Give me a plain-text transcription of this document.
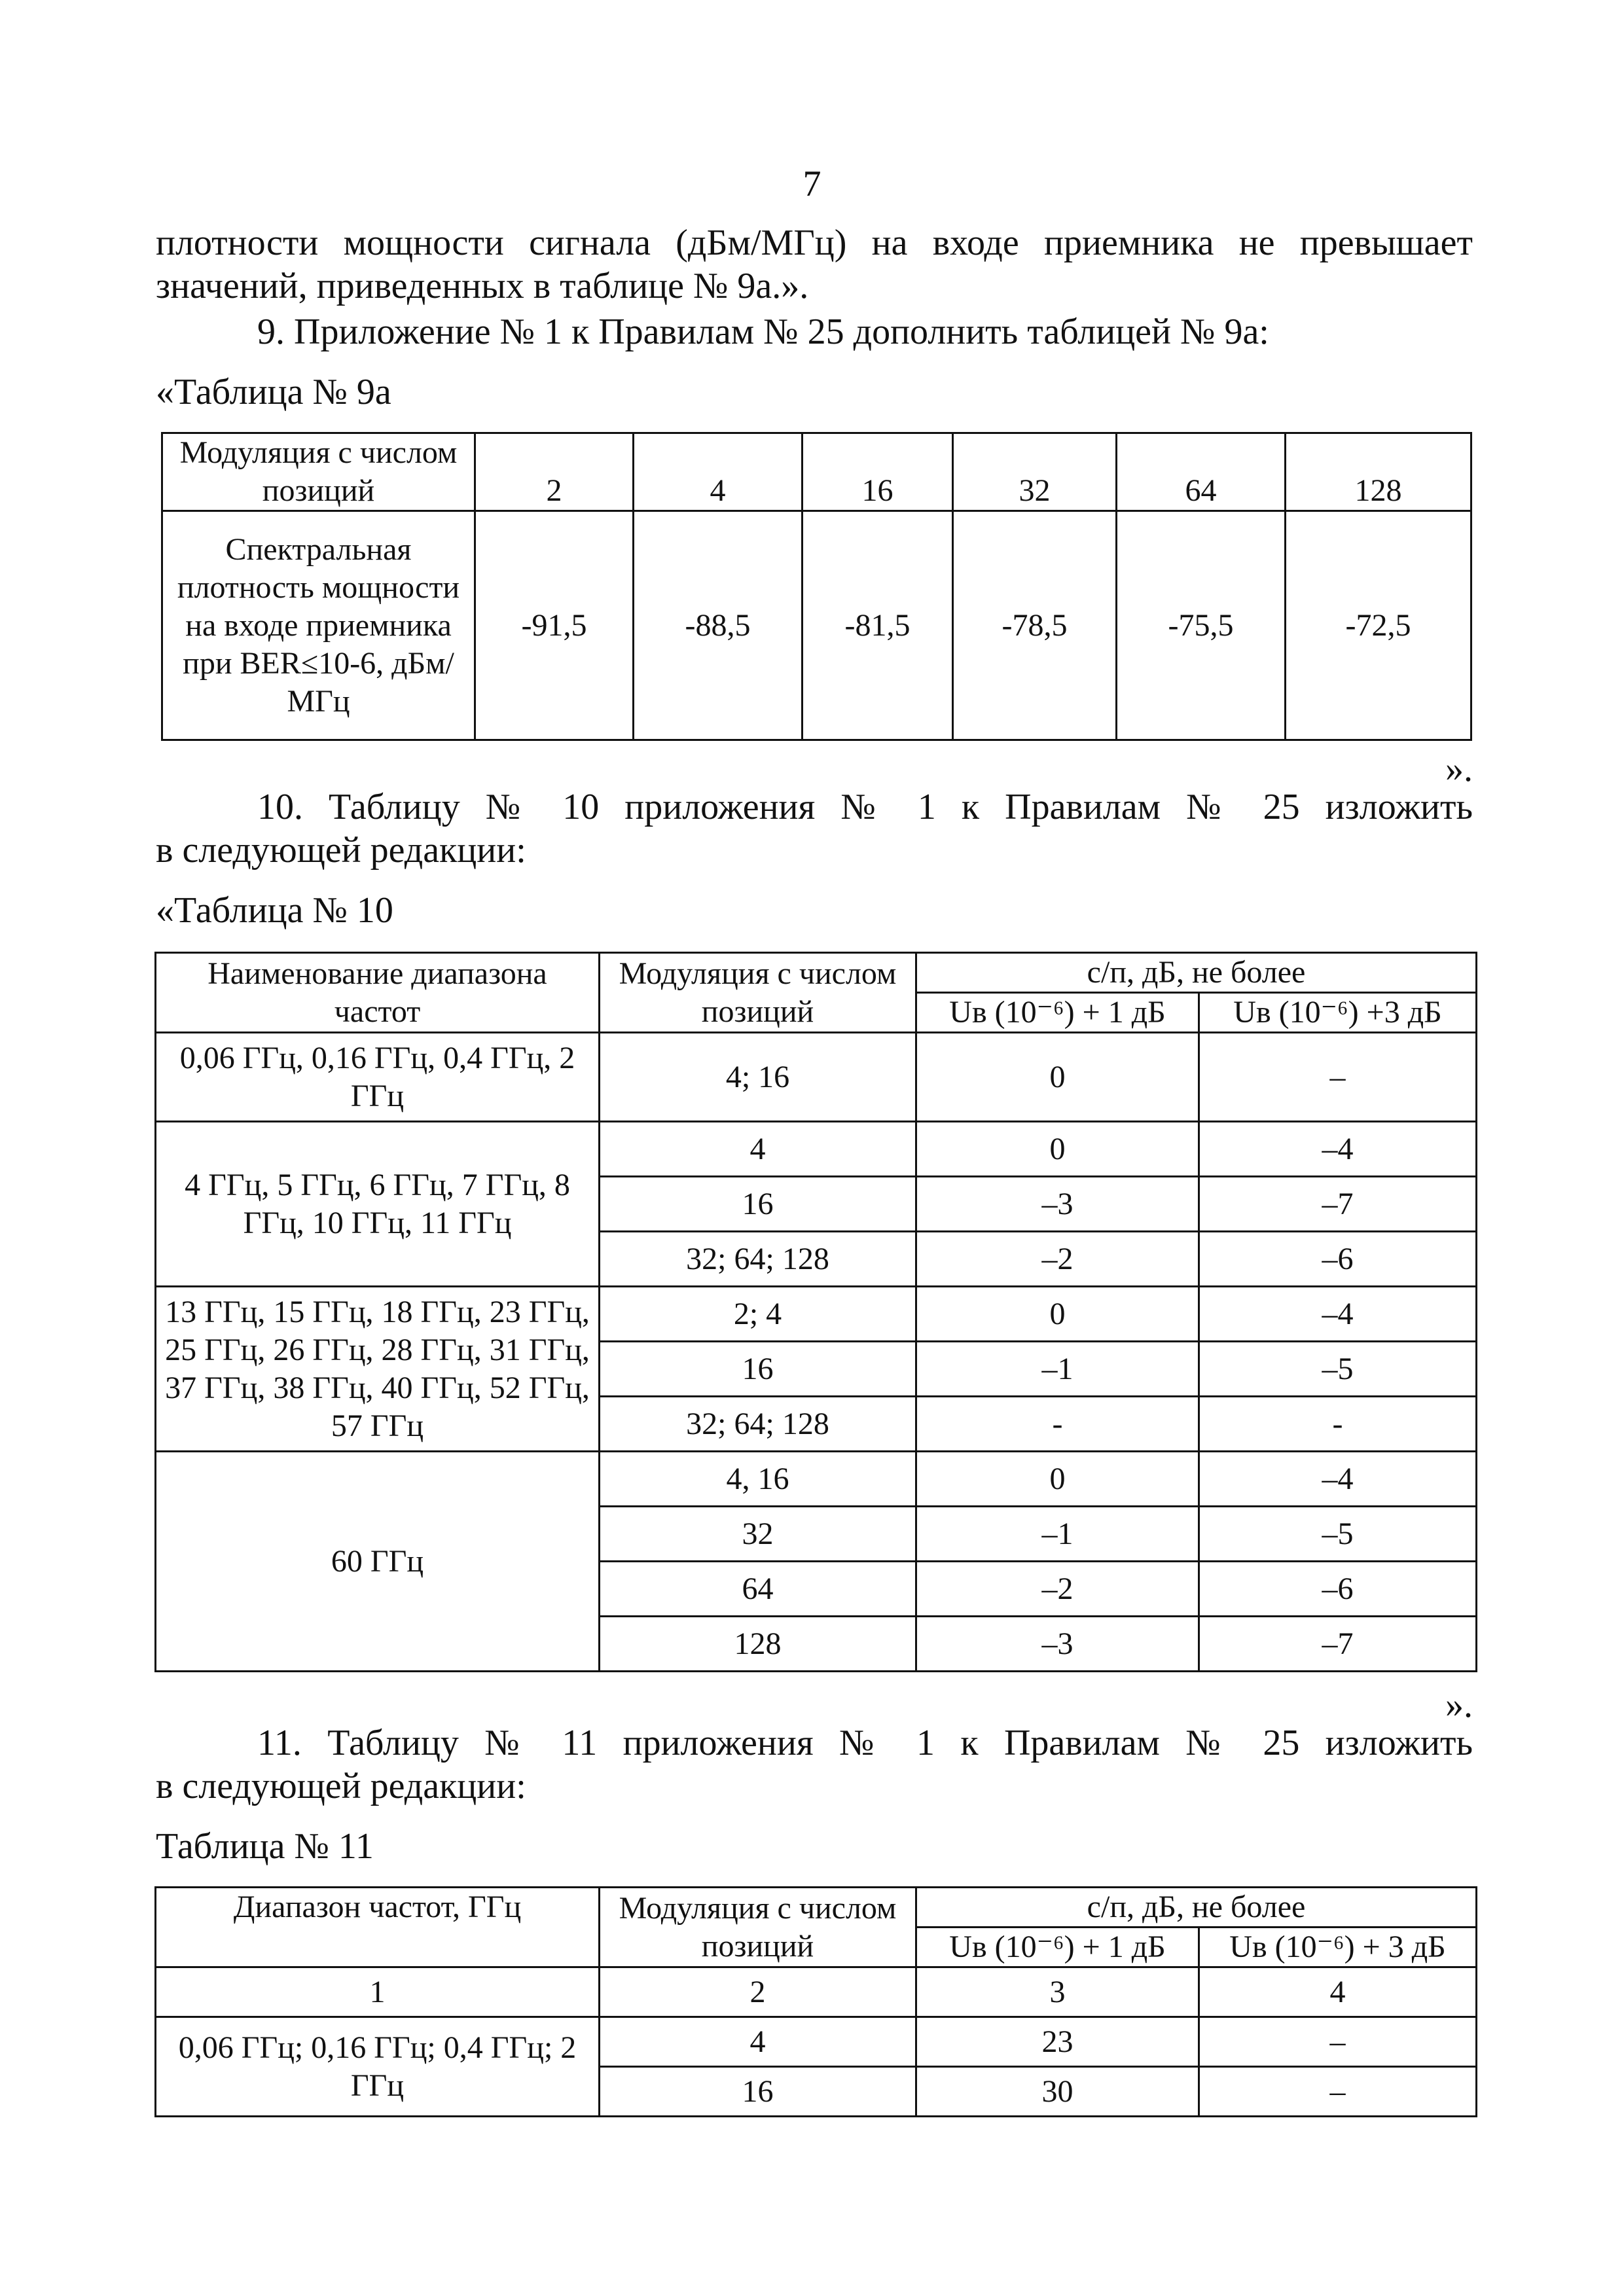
7
плотности мощности сигнала (дБм/МГц) на входе приемника не превышает
значений, приведенных в таблице № 9а.».
9. Приложение № 1 к Правилам № 25 дополнить таблицей № 9а:
«Таблица № 9а
Модуляция с числом позиций	2	4	16	32	64	128
Спектральная плотность мощности на входе приемника при BER≤10-6, дБм/МГц	-91,5	-88,5	-81,5	-78,5	-75,5	-72,5
».
10. Таблицу № 10 приложения № 1 к Правилам № 25 изложить
в следующей редакции:
«Таблица № 10
Наименование диапазона частот	Модуляция с числом позиций	с/п, дБ, не более	
		Uв (10⁻⁶) + 1 дБ	Uв (10⁻⁶) +3 дБ
0,06 ГГц, 0,16 ГГц, 0,4 ГГц, 2 ГГц	4; 16	0	–
4 ГГц, 5 ГГц, 6 ГГц, 7 ГГц, 8 ГГц, 10 ГГц, 11 ГГц	4	0	–4
	16	–3	–7
	32; 64; 128	–2	–6
13 ГГц, 15 ГГц, 18 ГГц, 23 ГГц, 25 ГГц, 26 ГГц, 28 ГГц, 31 ГГц, 37 ГГц, 38 ГГц, 40 ГГц, 52 ГГц, 57 ГГц	2; 4	0	–4
	16	–1	–5
	32; 64; 128	-	-
60 ГГц	4, 16	0	–4
	32	–1	–5
	64	–2	–6
	128	–3	–7
».
11. Таблицу № 11 приложения № 1 к Правилам № 25 изложить
в следующей редакции:
Таблица № 11
Диапазон частот, ГГц	Модуляция с числом позиций	с/п, дБ, не более	
		Uв (10⁻⁶) + 1 дБ	Uв (10⁻⁶) + 3 дБ
1	2	3	4
0,06 ГГц; 0,16 ГГц; 0,4 ГГц; 2 ГГц	4	23	–
	16	30	–
